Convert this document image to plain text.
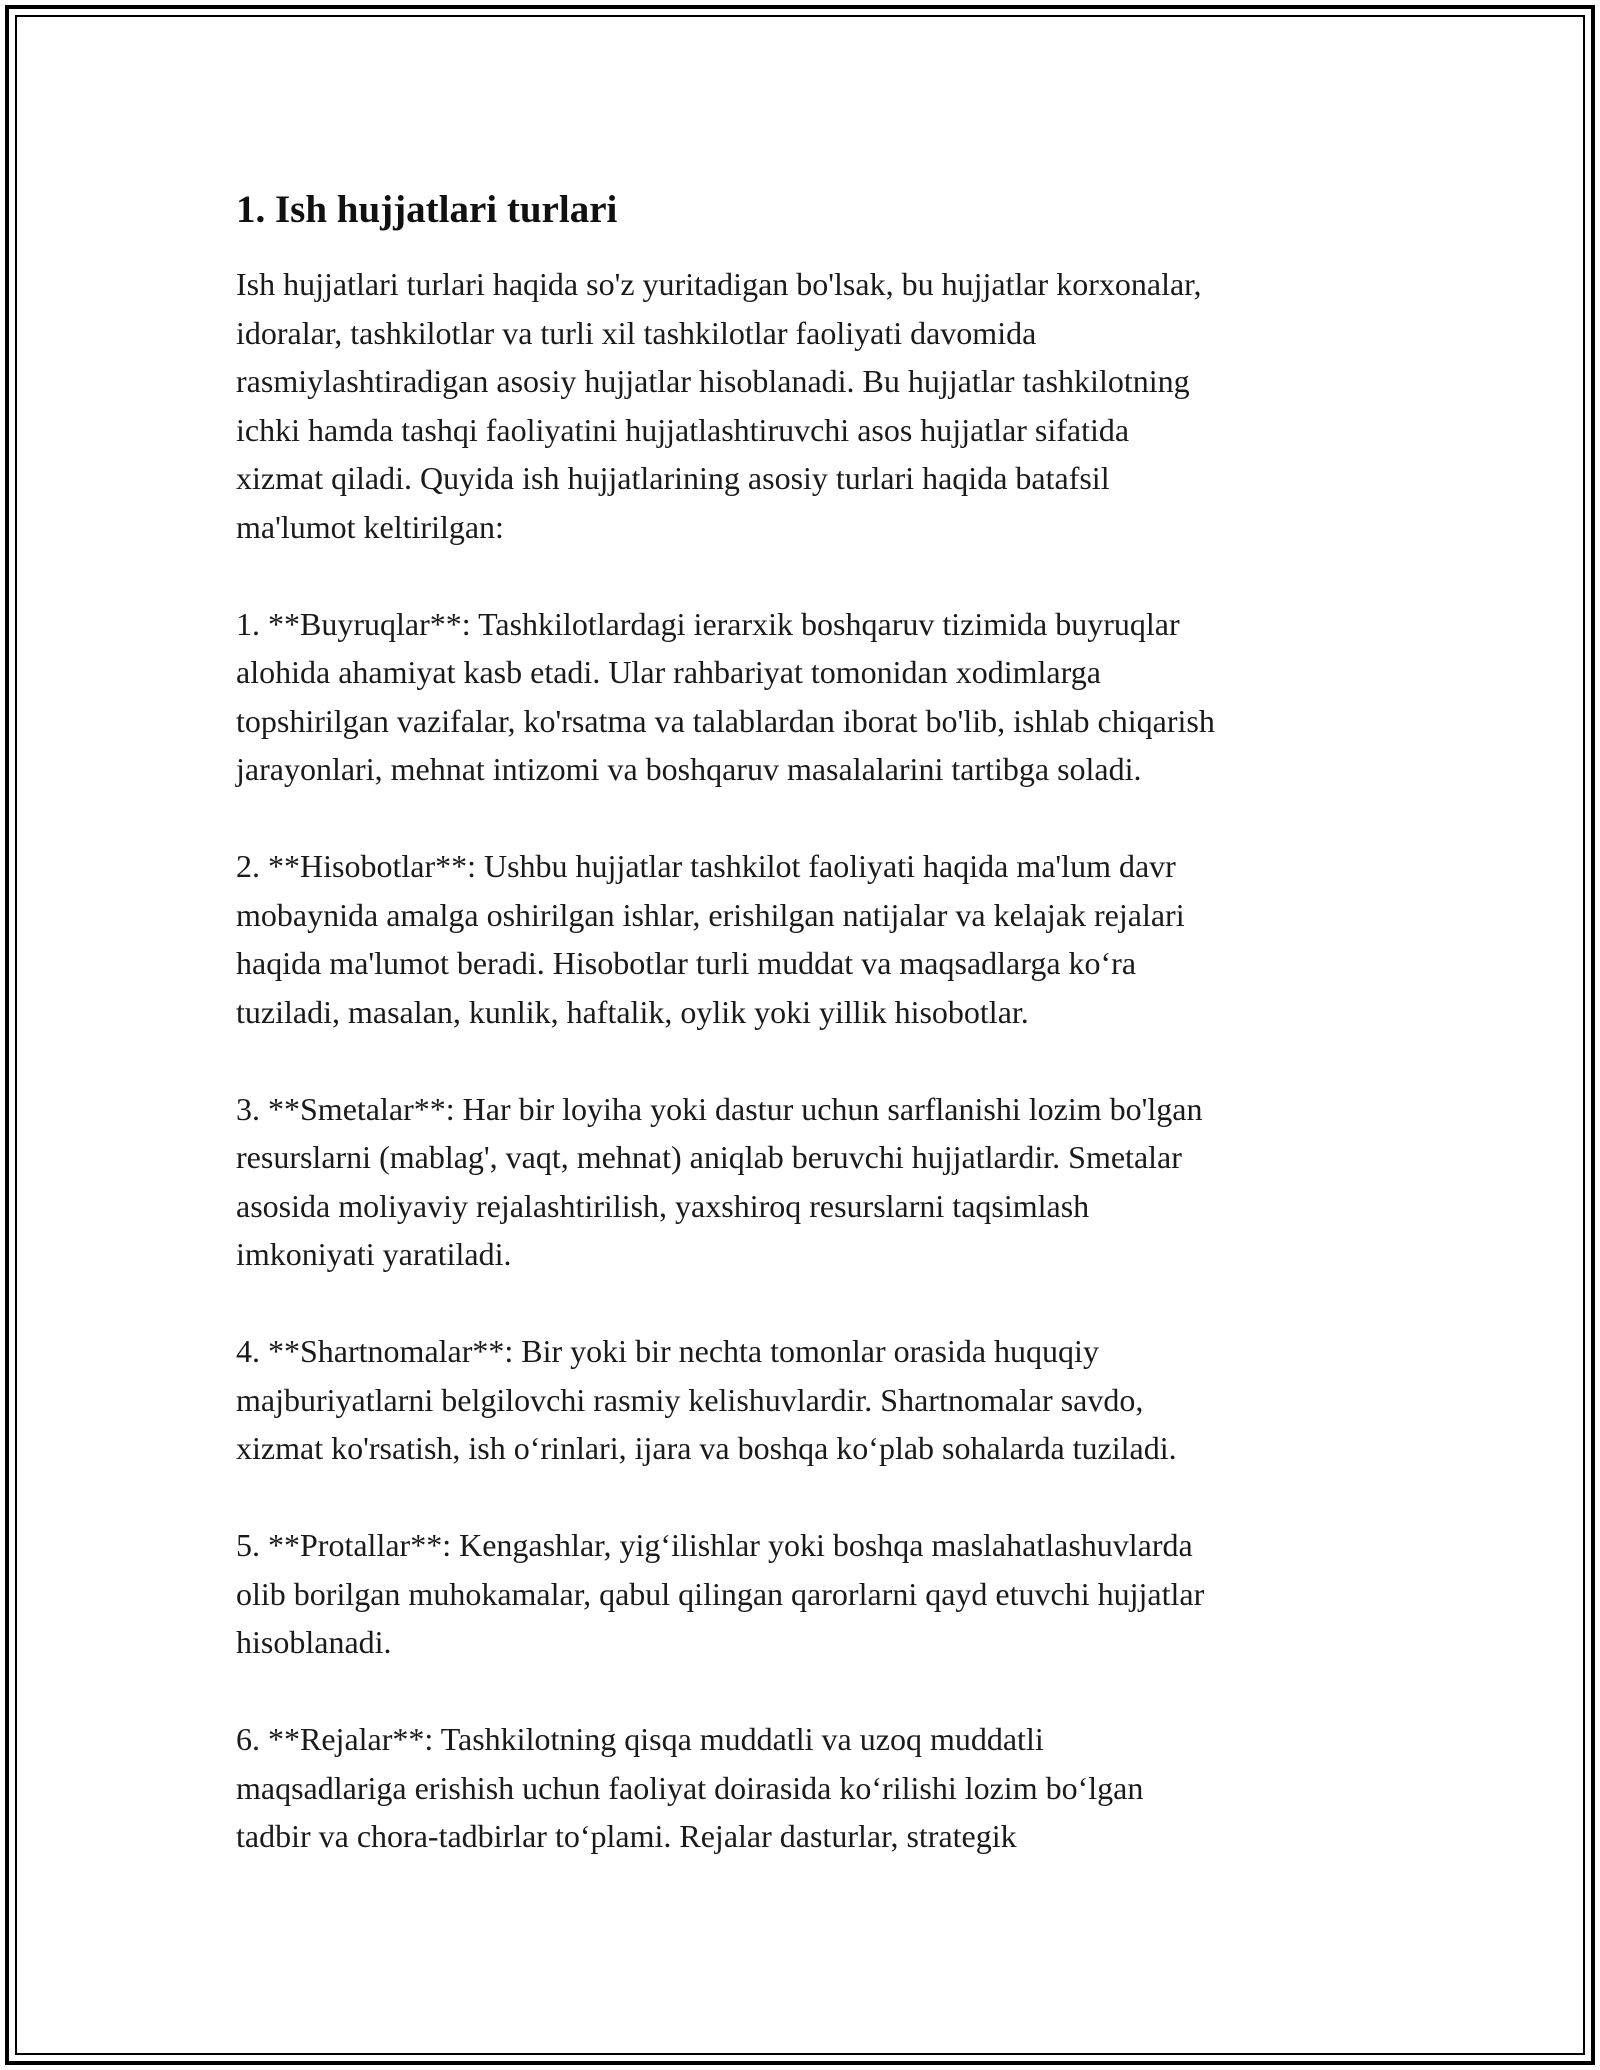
1. Ish hujjatlari turlari

Ish hujjatlari turlari haqida so'z yuritadigan bo'lsak, bu hujjatlar korxonalar,
idoralar, tashkilotlar va turli xil tashkilotlar faoliyati davomida
rasmiylashtiradigan asosiy hujjatlar hisoblanadi. Bu hujjatlar tashkilotning
ichki hamda tashqi faoliyatini hujjatlashtiruvchi asos hujjatlar sifatida
xizmat qiladi. Quyida ish hujjatlarining asosiy turlari haqida batafsil
ma'lumot keltirilgan:

1. **Buyruqlar**: Tashkilotlardagi ierarxik boshqaruv tizimida buyruqlar
alohida ahamiyat kasb etadi. Ular rahbariyat tomonidan xodimlarga
topshirilgan vazifalar, ko'rsatma va talablardan iborat bo'lib, ishlab chiqarish
jarayonlari, mehnat intizomi va boshqaruv masalalarini tartibga soladi.

2. **Hisobotlar**: Ushbu hujjatlar tashkilot faoliyati haqida ma'lum davr
mobaynida amalga oshirilgan ishlar, erishilgan natijalar va kelajak rejalari
haqida ma'lumot beradi. Hisobotlar turli muddat va maqsadlarga ko‘ra
tuziladi, masalan, kunlik, haftalik, oylik yoki yillik hisobotlar.

3. **Smetalar**: Har bir loyiha yoki dastur uchun sarflanishi lozim bo'lgan
resurslarni (mablag', vaqt, mehnat) aniqlab beruvchi hujjatlardir. Smetalar
asosida moliyaviy rejalashtirilish, yaxshiroq resurslarni taqsimlash
imkoniyati yaratiladi.

4. **Shartnomalar**: Bir yoki bir nechta tomonlar orasida huquqiy
majburiyatlarni belgilovchi rasmiy kelishuvlardir. Shartnomalar savdo,
xizmat ko'rsatish, ish o‘rinlari, ijara va boshqa ko‘plab sohalarda tuziladi.

5. **Protallar**: Kengashlar, yig‘ilishlar yoki boshqa maslahatlashuvlarda
olib borilgan muhokamalar, qabul qilingan qarorlarni qayd etuvchi hujjatlar
hisoblanadi.

6. **Rejalar**: Tashkilotning qisqa muddatli va uzoq muddatli
maqsadlariga erishish uchun faoliyat doirasida ko‘rilishi lozim bo‘lgan
tadbir va chora-tadbirlar to‘plami. Rejalar dasturlar, strategik
